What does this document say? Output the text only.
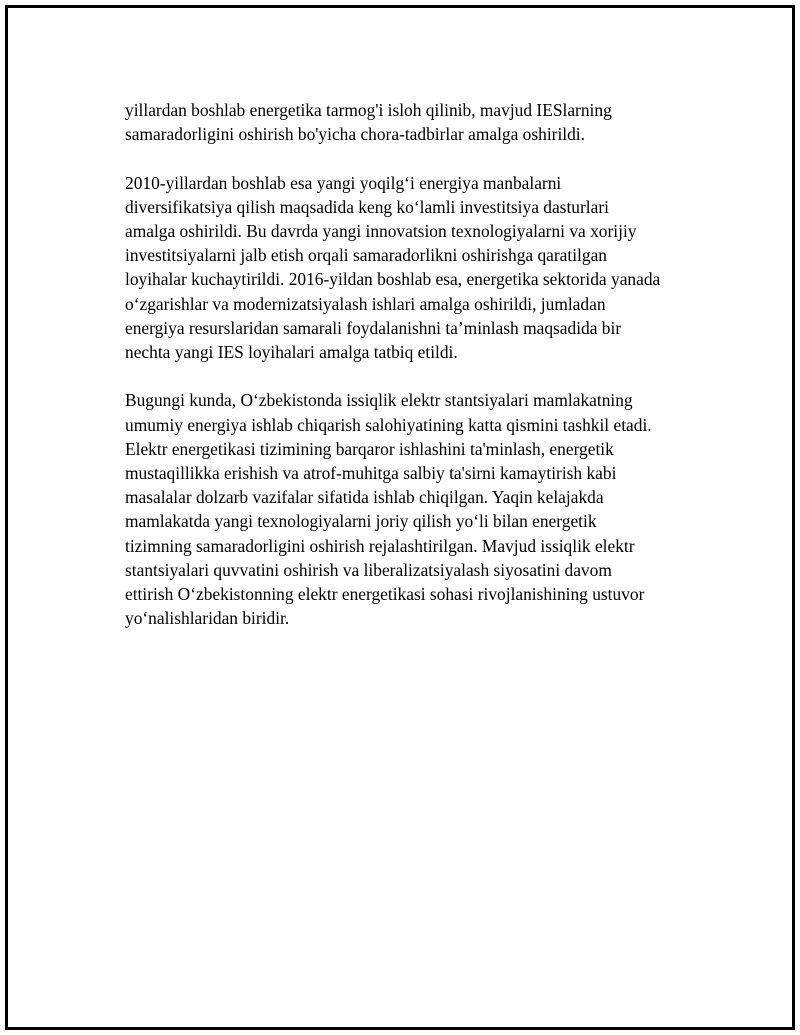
yillardan boshlab energetika tarmog'i isloh qilinib, mavjud IESlarning
samaradorligini oshirish bo'yicha chora-tadbirlar amalga oshirildi.

2010-yillardan boshlab esa yangi yoqilg‘i energiya manbalarni
diversifikatsiya qilish maqsadida keng ko‘lamli investitsiya dasturlari
amalga oshirildi. Bu davrda yangi innovatsion texnologiyalarni va xorijiy
investitsiyalarni jalb etish orqali samaradorlikni oshirishga qaratilgan
loyihalar kuchaytirildi. 2016-yildan boshlab esa, energetika sektorida yanada
o‘zgarishlar va modernizatsiyalash ishlari amalga oshirildi, jumladan
energiya resurslaridan samarali foydalanishni ta’minlash maqsadida bir
nechta yangi IES loyihalari amalga tatbiq etildi.

Bugungi kunda, O‘zbekistonda issiqlik elektr stantsiyalari mamlakatning
umumiy energiya ishlab chiqarish salohiyatining katta qismini tashkil etadi.
Elektr energetikasi tizimining barqaror ishlashini ta'minlash, energetik
mustaqillikka erishish va atrof-muhitga salbiy ta'sirni kamaytirish kabi
masalalar dolzarb vazifalar sifatida ishlab chiqilgan. Yaqin kelajakda
mamlakatda yangi texnologiyalarni joriy qilish yo‘li bilan energetik
tizimning samaradorligini oshirish rejalashtirilgan. Mavjud issiqlik elektr
stantsiyalari quvvatini oshirish va liberalizatsiyalash siyosatini davom
ettirish O‘zbekistonning elektr energetikasi sohasi rivojlanishining ustuvor
yo‘nalishlaridan biridir.
